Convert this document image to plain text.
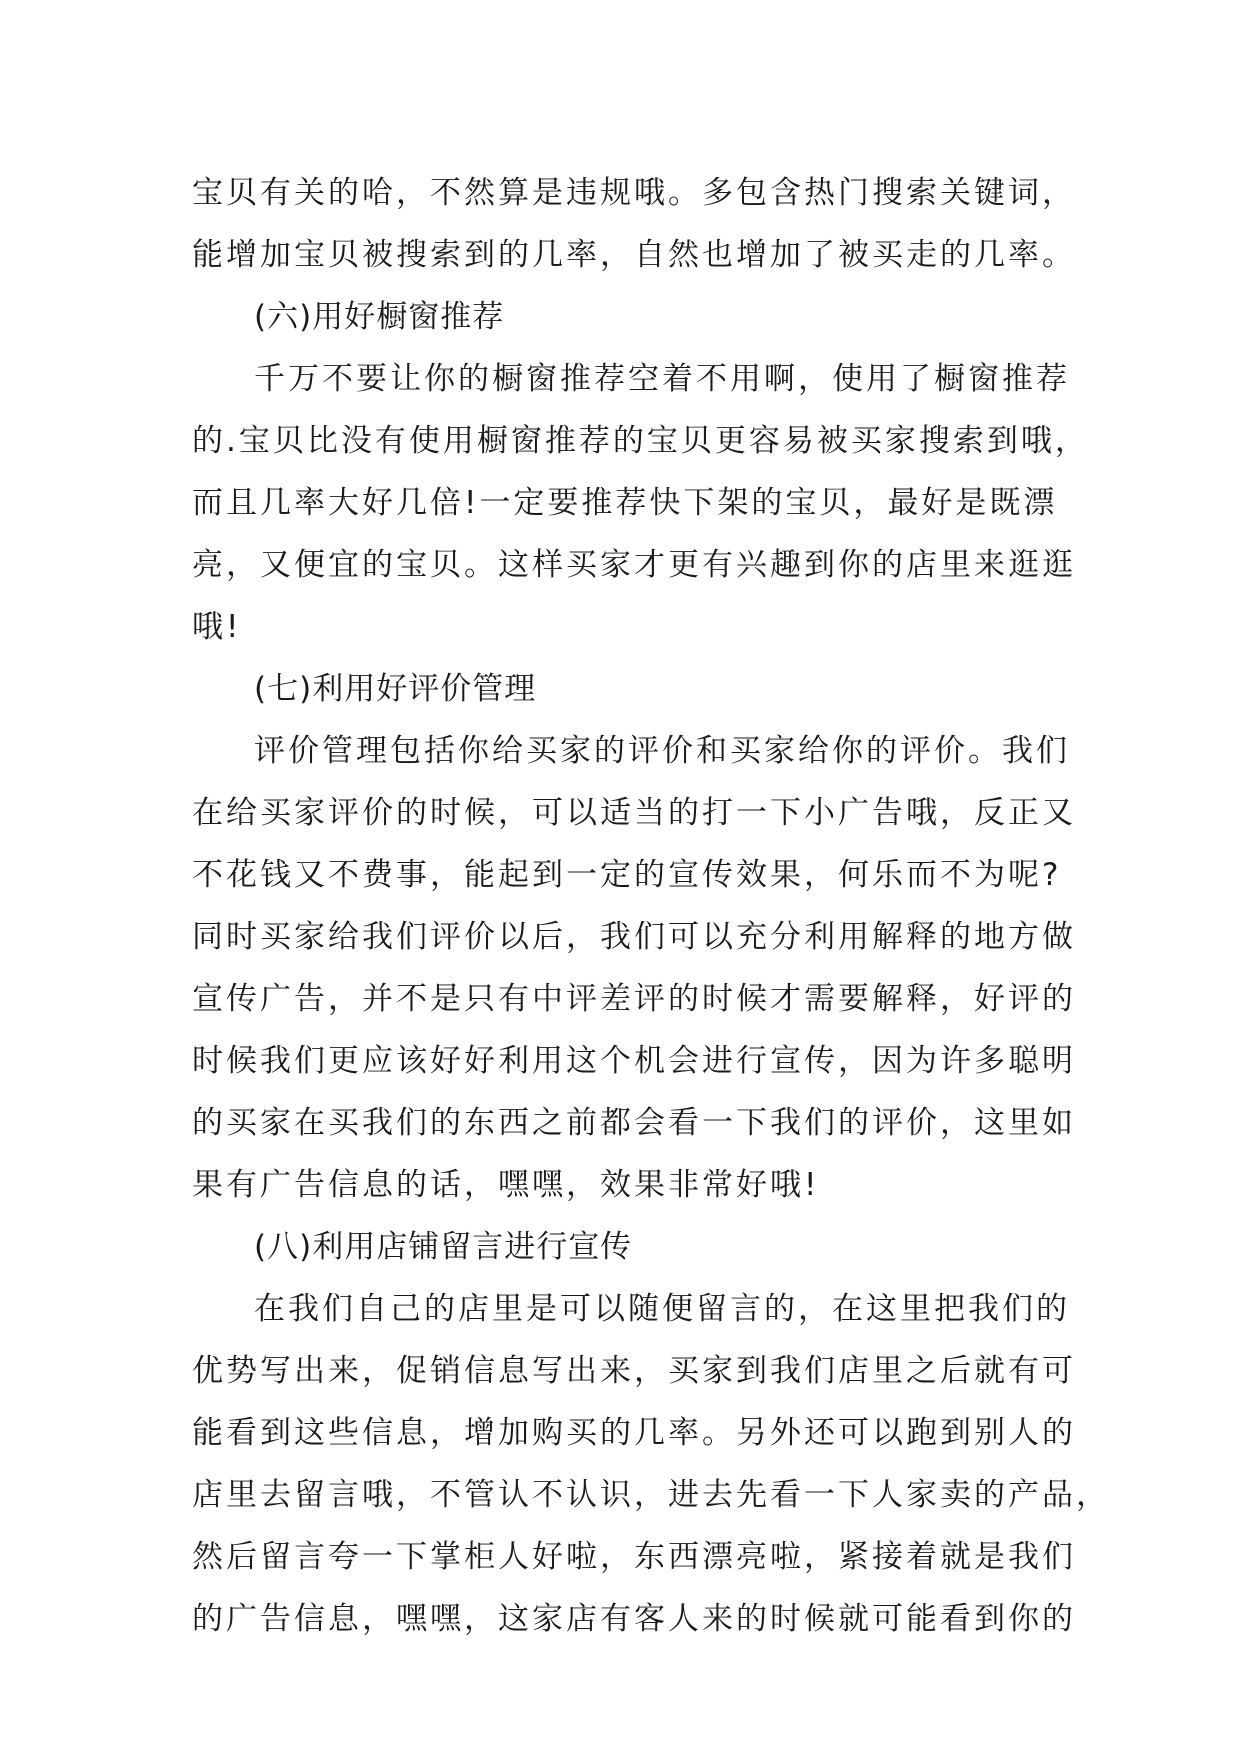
宝贝有关的哈，不然算是违规哦。多包含热门搜索关键词，
能增加宝贝被搜索到的几率，自然也增加了被买走的几率。
(六)用好橱窗推荐
千万不要让你的橱窗推荐空着不用啊，使用了橱窗推荐
的.宝贝比没有使用橱窗推荐的宝贝更容易被买家搜索到哦，
而且几率大好几倍!一定要推荐快下架的宝贝，最好是既漂
亮，又便宜的宝贝。这样买家才更有兴趣到你的店里来逛逛
哦!
(七)利用好评价管理
评价管理包括你给买家的评价和买家给你的评价。我们
在给买家评价的时候，可以适当的打一下小广告哦，反正又
不花钱又不费事，能起到一定的宣传效果，何乐而不为呢?
同时买家给我们评价以后，我们可以充分利用解释的地方做
宣传广告，并不是只有中评差评的时候才需要解释，好评的
时候我们更应该好好利用这个机会进行宣传，因为许多聪明
的买家在买我们的东西之前都会看一下我们的评价，这里如
果有广告信息的话，嘿嘿，效果非常好哦!
(八)利用店铺留言进行宣传
在我们自己的店里是可以随便留言的，在这里把我们的
优势写出来，促销信息写出来，买家到我们店里之后就有可
能看到这些信息，增加购买的几率。另外还可以跑到别人的
店里去留言哦，不管认不认识，进去先看一下人家卖的产品，
然后留言夸一下掌柜人好啦，东西漂亮啦，紧接着就是我们
的广告信息，嘿嘿，这家店有客人来的时候就可能看到你的
